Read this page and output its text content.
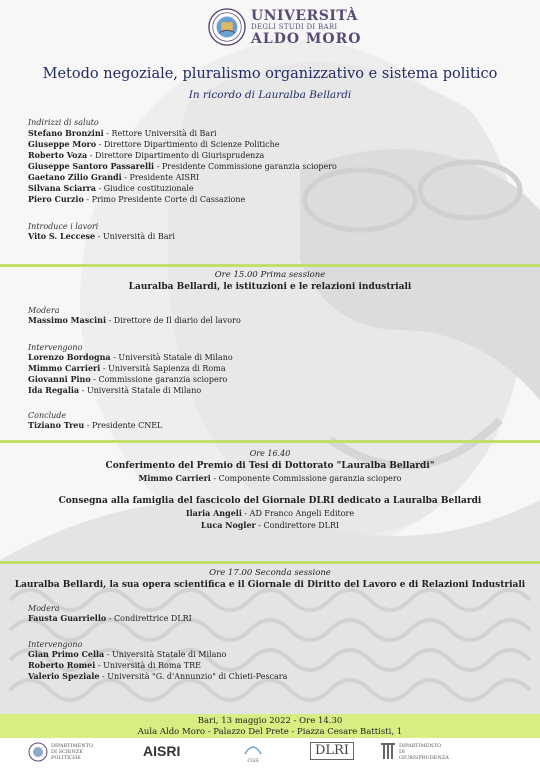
UNIVERSITÀ
DEGLI STUDI DI BARI
ALDO MORO
Metodo negoziale, pluralismo organizzativo e sistema politico
In ricordo di Lauralba Bellardi
Indirizzi di saluto
Stefano Bronzini - Rettore Università di Bari
Giuseppe Moro - Direttore Dipartimento di Scienze Politiche
Roberto Voza - Direttore Dipartimento di Giurisprudenza
Giuseppe Santoro Passarelli - Presidente Commissione garanzia sciopero
Gaetano Zilio Grandi - Presidente AISRI
Silvana Sciarra - Giudice costituzionale
Piero Curzio - Primo Presidente Corte di Cassazione
Introduce i lavori
Vito S. Leccese - Università di Bari
Ore 15.00 Prima sessione
Lauralba Bellardi, le istituzioni e le relazioni industriali
Modera
Massimo Mascini - Direttore de Il diario del lavoro
Intervengono
Lorenzo Bordogna - Università Statale di Milano
Mimmo Carrieri - Università Sapienza di Roma
Giovanni Pino - Commissione garanzia sciopero
Ida Regalia - Università Statale di Milano
Conclude
Tiziano Treu - Presidente CNEL
Ore 16.40
Conferimento del Premio di Tesi di Dottorato "Lauralba Bellardi"
Mimmo Carrieri - Componente Commissione garanzia sciopero
Consegna alla famiglia del fascicolo del Giornale DLRI dedicato a Lauralba Bellardi
Ilaria Angeli - AD Franco Angeli Editore
Luca Nogler - Condirettore DLRI
Ore 17.00 Seconda sessione
Lauralba Bellardi, la sua opera scientifica e il Giornale di Diritto del Lavoro e di Relazioni Industriali
Modera
Fausta Guarriello - Condirettrice DLRI
Intervengono
Gian Primo Cella - Università Statale di Milano
Roberto Romei - Università di Roma TRE
Valerio Speziale - Università "G. d'Annunzio" di Chieti-Pescara
Bari, 13 maggio 2022 - Ore 14.30
Aula Aldo Moro - Palazzo Del Prete - Piazza Cesare Battisti, 1
DIPARTIMENTO DI SCIENZE POLITICHE	AISRI
CGS
DLRI	DIPARTIMENTO DI GIURISPRUDENZA
